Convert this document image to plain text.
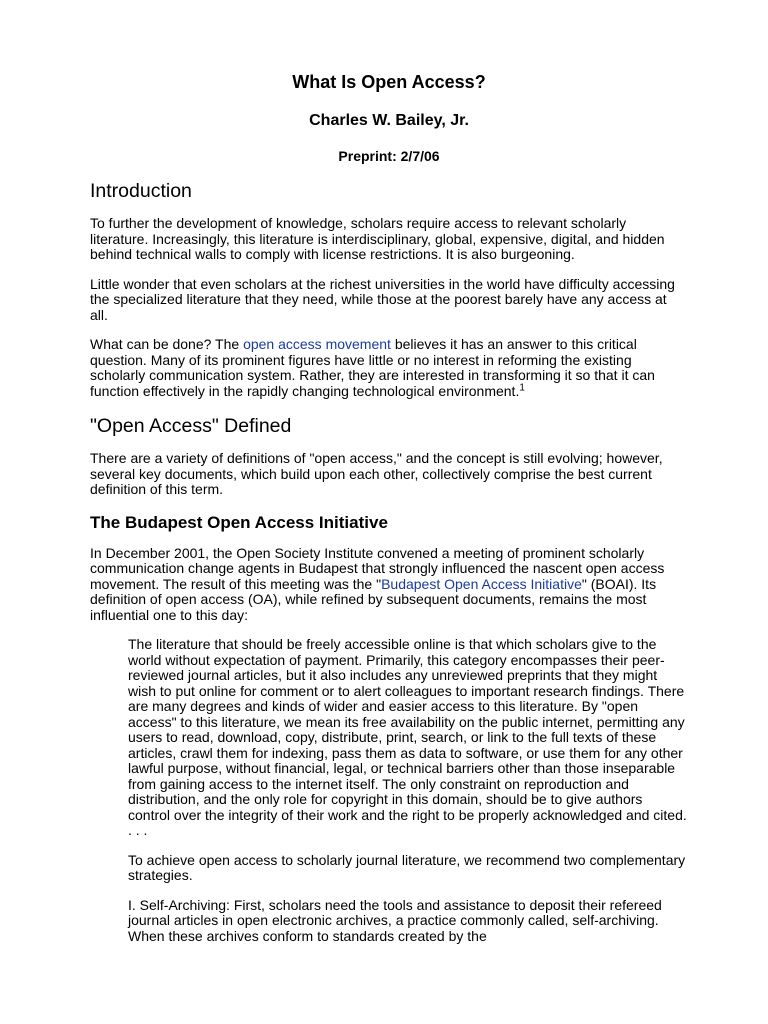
What Is Open Access?
Charles W. Bailey, Jr.
Preprint: 2/7/06
Introduction

To further the development of knowledge, scholars require access to relevant scholarly literature. Increasingly, this literature is interdisciplinary, global, expensive, digital, and hidden behind technical walls to comply with license restrictions. It is also burgeoning.

Little wonder that even scholars at the richest universities in the world have difficulty accessing the specialized literature that they need, while those at the poorest barely have any access at all.

What can be done? The open access movement believes it has an answer to this critical question. Many of its prominent figures have little or no interest in reforming the existing scholarly communication system. Rather, they are interested in transforming it so that it can function effectively in the rapidly changing technological environment.$^1$

"Open Access" Defined

There are a variety of definitions of "open access," and the concept is still evolving; however, several key documents, which build upon each other, collectively comprise the best current definition of this term.

The Budapest Open Access Initiative

In December 2001, the Open Society Institute convened a meeting of prominent scholarly communication change agents in Budapest that strongly influenced the nascent open access movement. The result of this meeting was the "Budapest Open Access Initiative" (BOAI). Its definition of open access (OA), while refined by subsequent documents, remains the most influential one to this day:

The literature that should be freely accessible online is that which scholars give to the world without expectation of payment. Primarily, this category encompasses their peer-reviewed journal articles, but it also includes any unreviewed preprints that they might wish to put online for comment or to alert colleagues to important research findings. There are many degrees and kinds of wider and easier access to this literature. By "open access" to this literature, we mean its free availability on the public internet, permitting any users to read, download, copy, distribute, print, search, or link to the full texts of these articles, crawl them for indexing, pass them as data to software, or use them for any other lawful purpose, without financial, legal, or technical barriers other than those inseparable from gaining access to the internet itself. The only constraint on reproduction and distribution, and the only role for copyright in this domain, should be to give authors control over the integrity of their work and the right to be properly acknowledged and cited. . . .

To achieve open access to scholarly journal literature, we recommend two complementary strategies.

I. Self-Archiving: First, scholars need the tools and assistance to deposit their refereed journal articles in open electronic archives, a practice commonly called, self-archiving. When these archives conform to standards created by the
